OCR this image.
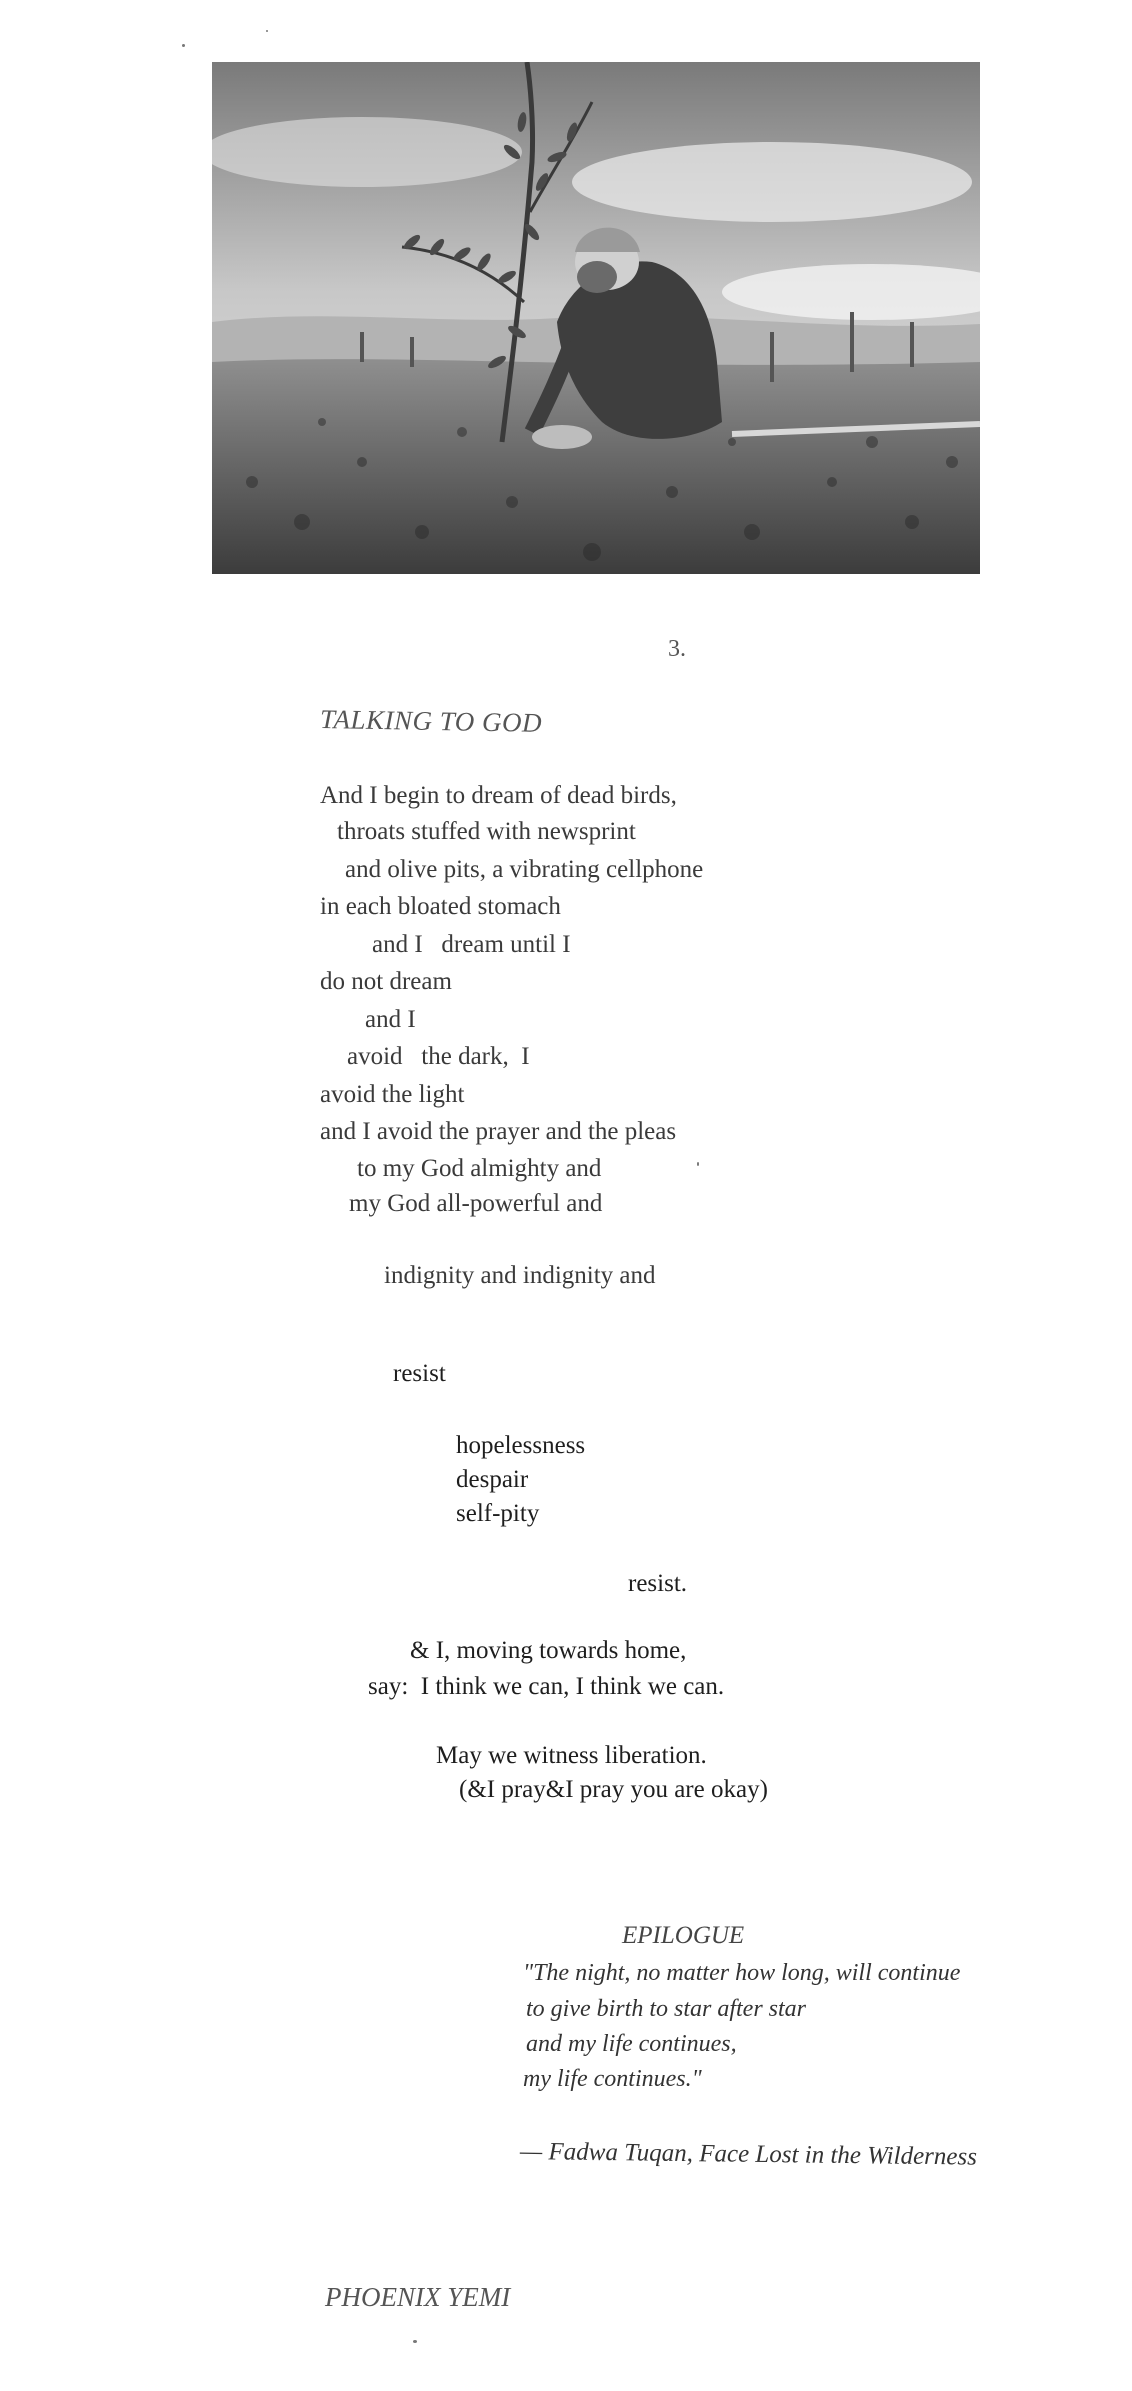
3.
TALKING TO GOD
And I begin to dream of dead birds,
throats stuffed with newsprint
and olive pits, a vibrating cellphone
in each bloated stomach
and I   dream until I
do not dream
and I
avoid   the dark,  I
avoid the light
and I avoid the prayer and the pleas
to my God almighty and
my God all-powerful and
indignity and indignity and
resist
hopelessness
despair
self-pity
resist.
& I, moving towards home,
say:  I think we can, I think we can.
May we witness liberation.
(&I pray&I pray you are okay)
EPILOGUE
"The night, no matter how long, will continue
to give birth to star after star
and my life continues,
my life continues."
— Fadwa Tuqan, Face Lost in the Wilderness
PHOENIX YEMI
